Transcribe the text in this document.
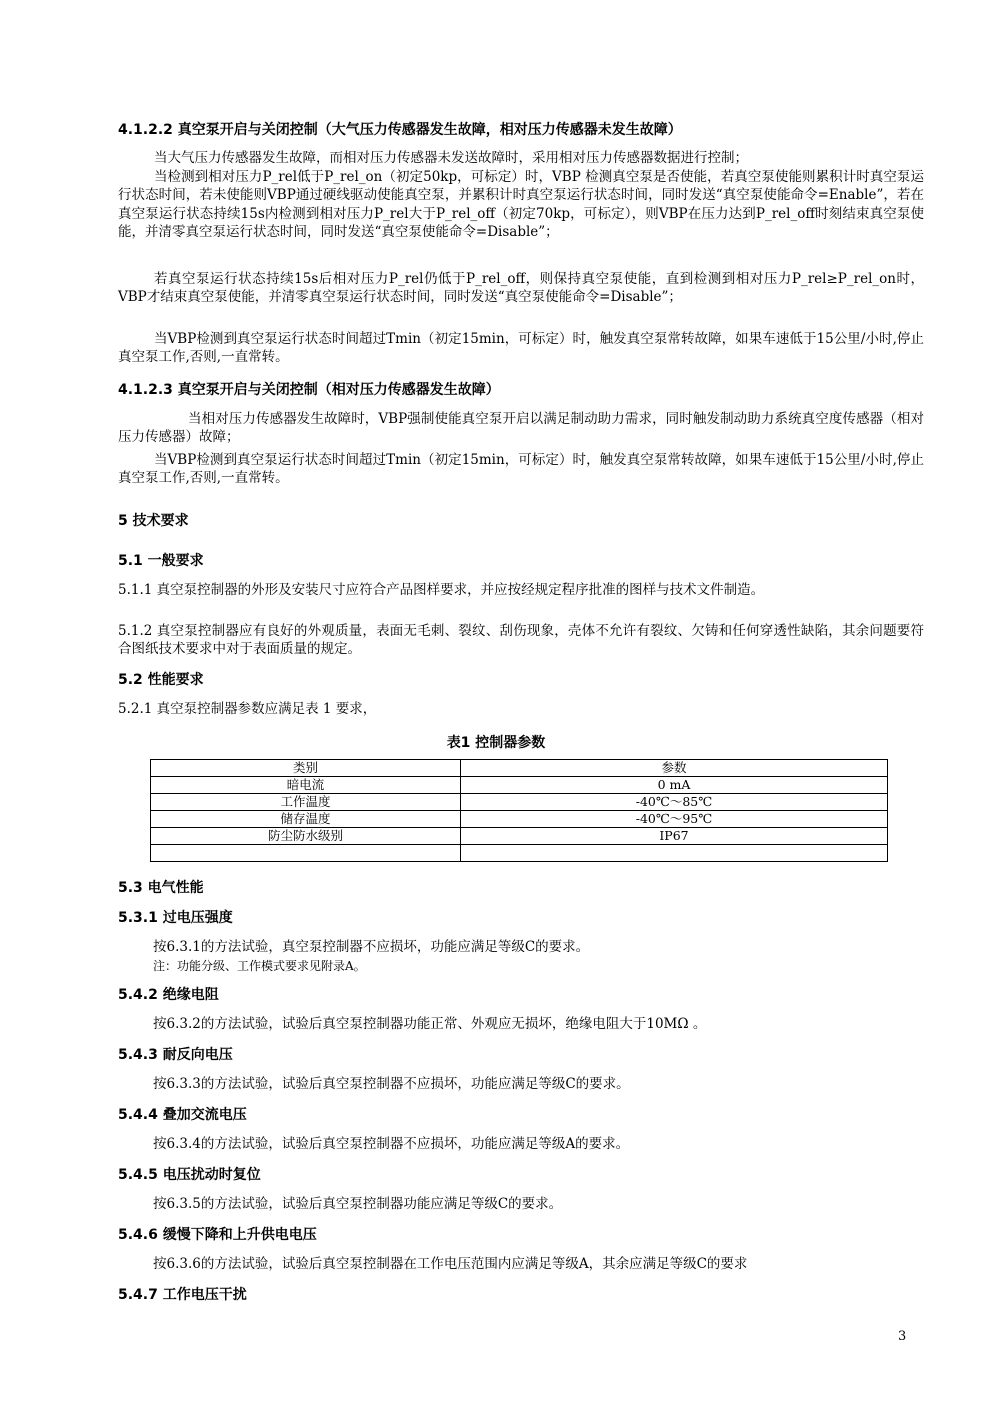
4.1.2.2 真空泵开启与关闭控制（大气压力传感器发生故障，相对压力传感器未发生故障）
当大气压力传感器发生故障，而相对压力传感器未发送故障时，采用相对压力传感器数据进行控制；
当检测到相对压力P_rel低于P_rel_on（初定50kp，可标定）时，VBP 检测真空泵是否使能，若真空泵使能则累积计时真空泵运行状态时间，若未使能则VBP通过硬线驱动使能真空泵，并累积计时真空泵运行状态时间，同时发送“真空泵使能命令=Enable”，若在真空泵运行状态持续15s内检测到相对压力P_rel大于P_rel_off（初定70kp，可标定），则VBP在压力达到P_rel_off时刻结束真空泵使能，并清零真空泵运行状态时间，同时发送“真空泵使能命令=Disable”；
若真空泵运行状态持续15s后相对压力P_rel仍低于P_rel_off，则保持真空泵使能，直到检测到相对压力P_rel≥P_rel_on时，VBP才结束真空泵使能，并清零真空泵运行状态时间，同时发送“真空泵使能命令=Disable”；
当VBP检测到真空泵运行状态时间超过Tmin（初定15min，可标定）时，触发真空泵常转故障，如果车速低于15公里/小时,停止真空泵工作,否则,一直常转。
4.1.2.3 真空泵开启与关闭控制（相对压力传感器发生故障）
当相对压力传感器发生故障时，VBP强制使能真空泵开启以满足制动助力需求，同时触发制动助力系统真空度传感器（相对压力传感器）故障；
当VBP检测到真空泵运行状态时间超过Tmin（初定15min，可标定）时，触发真空泵常转故障，如果车速低于15公里/小时,停止真空泵工作,否则,一直常转。
5 技术要求
5.1 一般要求
5.1.1 真空泵控制器的外形及安装尺寸应符合产品图样要求，并应按经规定程序批准的图样与技术文件制造。
5.1.2 真空泵控制器应有良好的外观质量，表面无毛刺、裂纹、刮伤现象，壳体不允许有裂纹、欠铸和任何穿透性缺陷，其余问题要符合图纸技术要求中对于表面质量的规定。
5.2 性能要求
5.2.1 真空泵控制器参数应满足表 1 要求，
表1 控制器参数
类别	参数
暗电流	0 mA
工作温度	-40℃～85℃
储存温度	-40℃～95℃
防尘防水级别	IP67

5.3 电气性能
5.3.1 过电压强度
按6.3.1的方法试验，真空泵控制器不应损坏，功能应满足等级C的要求。
注：功能分级、工作模式要求见附录A。
5.4.2 绝缘电阻
按6.3.2的方法试验，试验后真空泵控制器功能正常、外观应无损坏，绝缘电阻大于10MΩ 。
5.4.3 耐反向电压
按6.3.3的方法试验，试验后真空泵控制器不应损坏，功能应满足等级C的要求。
5.4.4 叠加交流电压
按6.3.4的方法试验，试验后真空泵控制器不应损坏，功能应满足等级A的要求。
5.4.5 电压扰动时复位
按6.3.5的方法试验，试验后真空泵控制器功能应满足等级C的要求。
5.4.6 缓慢下降和上升供电电压
按6.3.6的方法试验，试验后真空泵控制器在工作电压范围内应满足等级A，其余应满足等级C的要求
5.4.7 工作电压干扰
3
